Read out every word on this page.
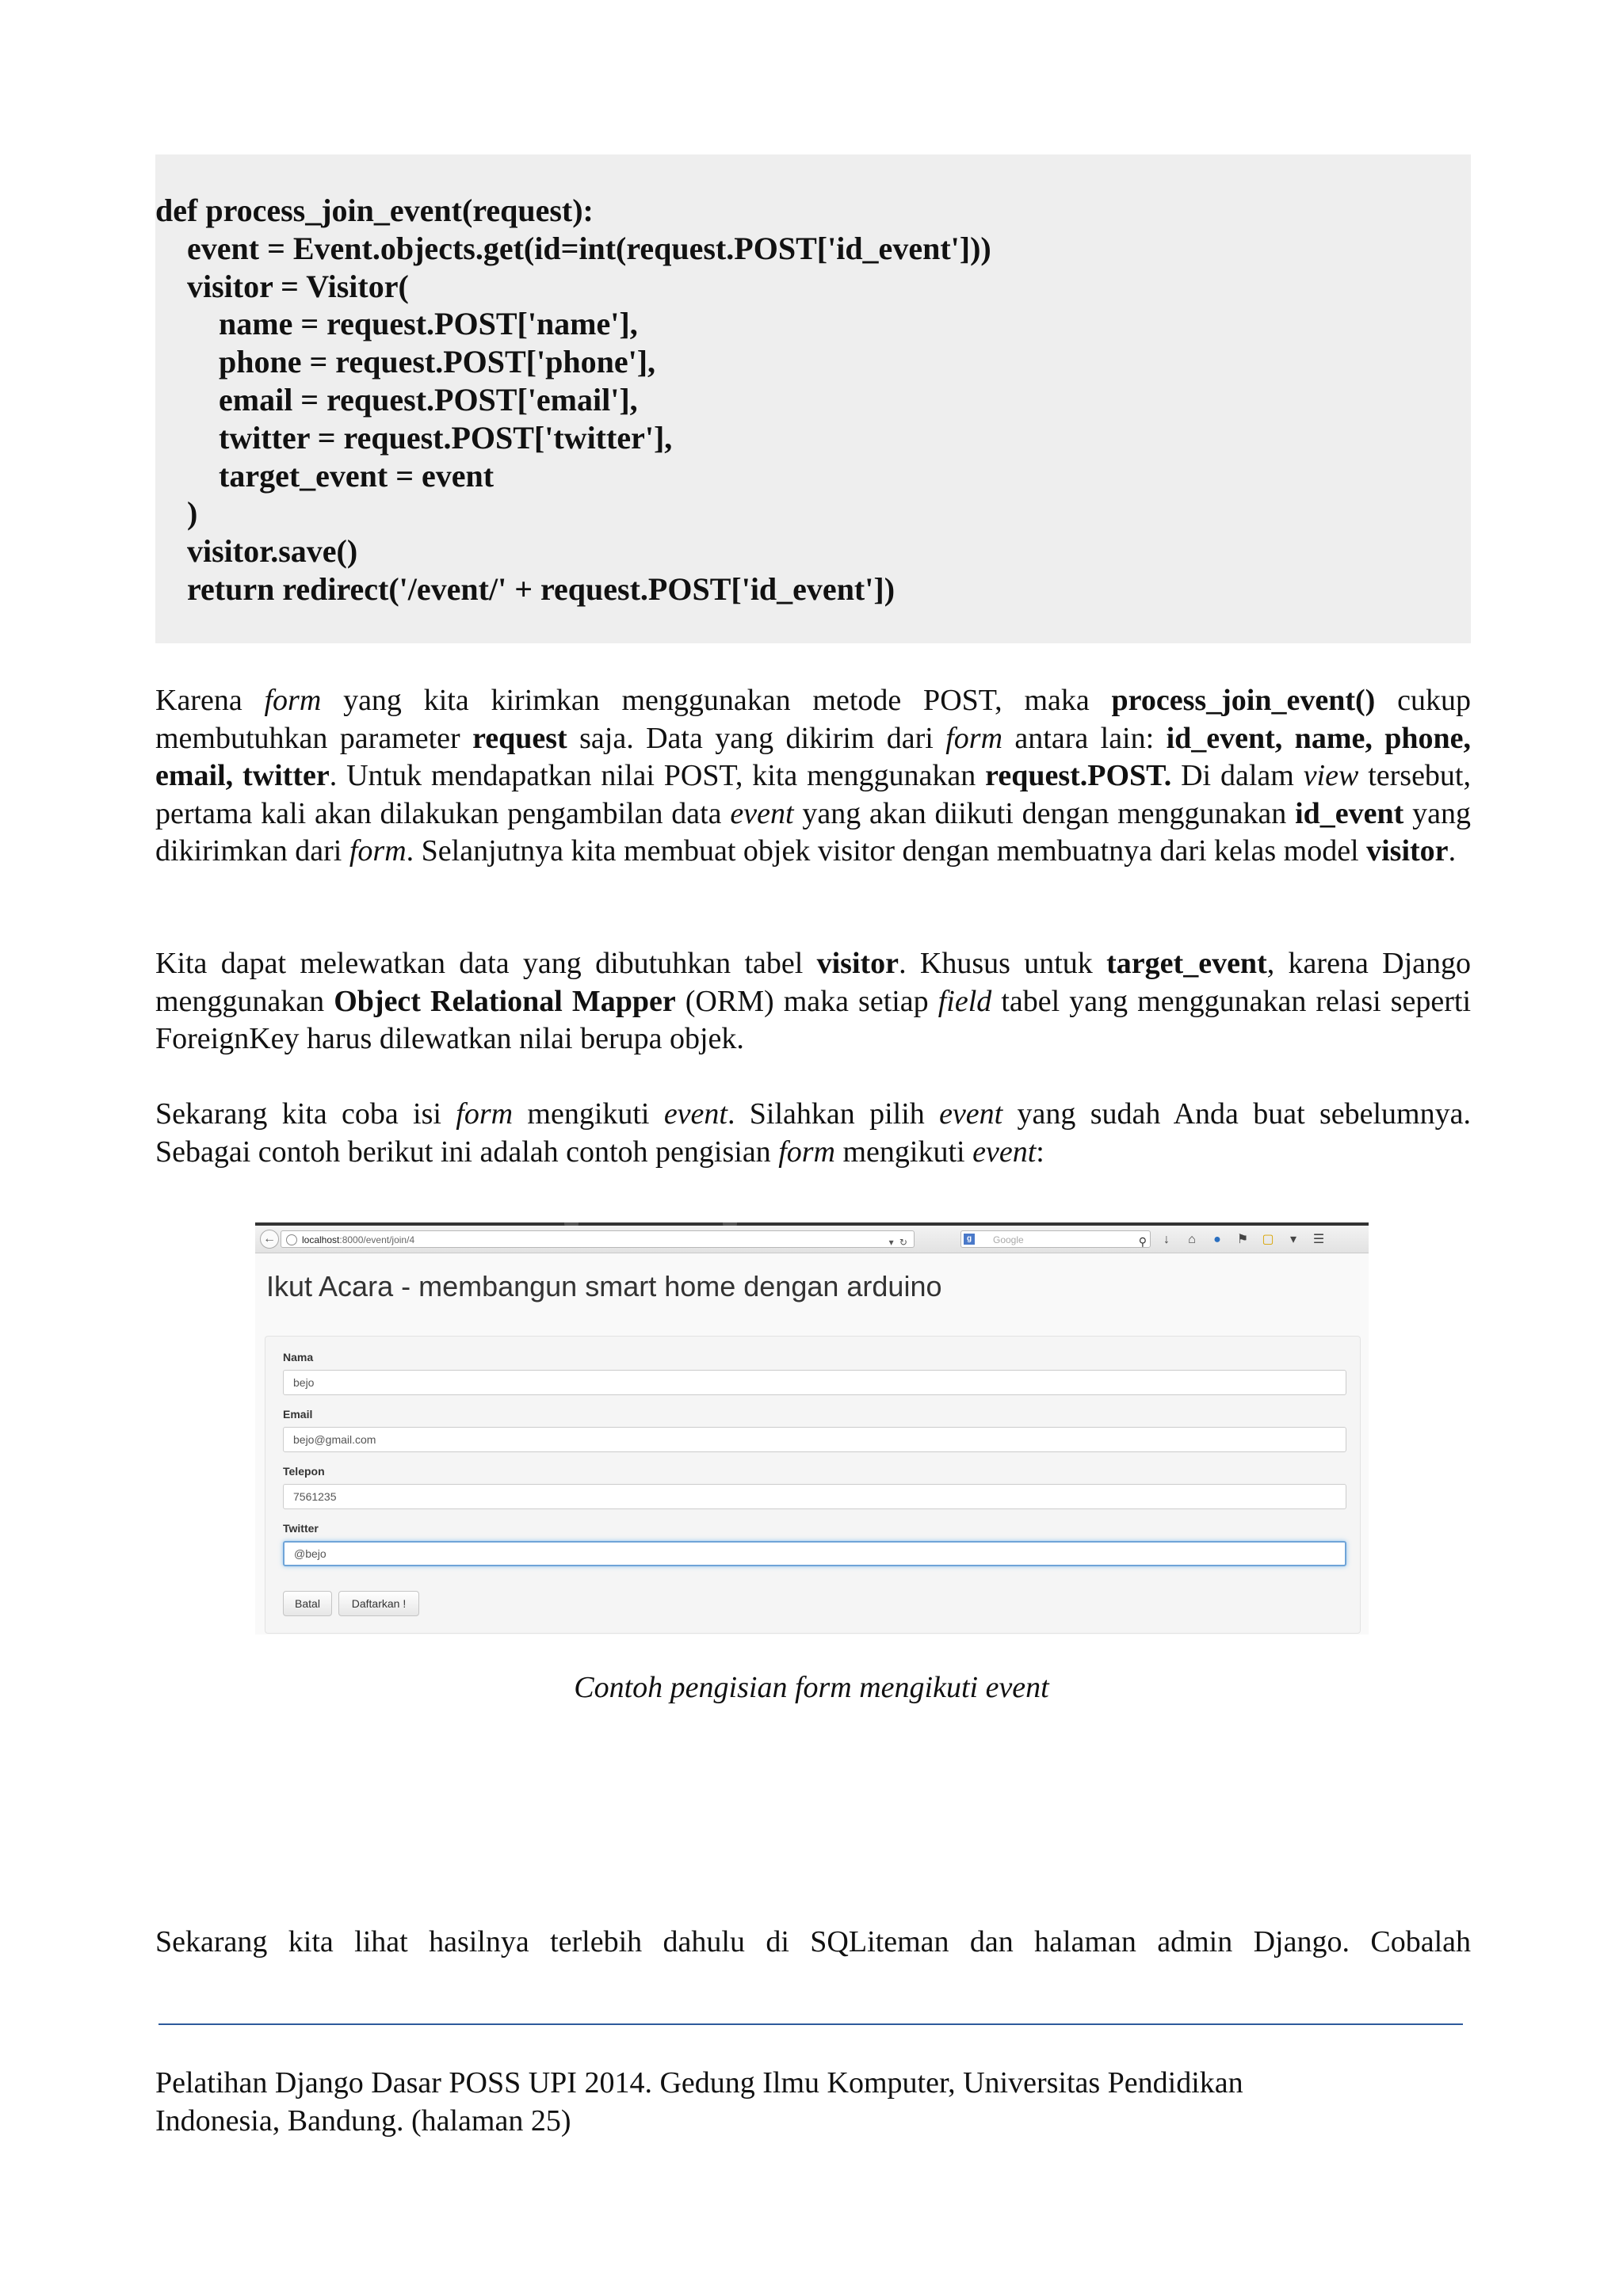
def process_join_event(request):
event = Event.objects.get(id=int(request.POST['id_event']))
visitor = Visitor(
name = request.POST['name'],
phone = request.POST['phone'],
email = request.POST['email'],
twitter = request.POST['twitter'],
target_event = event
)
visitor.save()
return redirect('/event/' + request.POST['id_event'])

Karena form yang kita kirimkan menggunakan metode POST, maka process_join_event() cukup membutuhkan parameter request saja. Data yang dikirim dari form antara lain: id_event, name, phone, email, twitter. Untuk mendapatkan nilai POST, kita menggunakan request.POST. Di dalam view tersebut, pertama kali akan dilakukan pengambilan data event yang akan diikuti dengan menggunakan id_event yang dikirimkan dari form. Selanjutnya kita membuat objek visitor dengan membuatnya dari kelas model visitor.

Kita dapat melewatkan data yang dibutuhkan tabel visitor. Khusus untuk target_event, karena Django menggunakan Object Relational Mapper (ORM) maka setiap field tabel yang menggunakan relasi seperti ForeignKey harus dilewatkan nilai berupa objek.

Sekarang kita coba isi form mengikuti event. Silahkan pilih event yang sudah Anda buat sebelumnya. Sebagai contoh berikut ini adalah contoh pengisian form mengikuti event:

←	localhost:8000/event/join/4	▾ ↻	g	Google	⚲	↓	⌂	●	⚑ ▢	▾	☰
Ikut Acara - membangun smart home dengan arduino
Nama
bejo
Email
bejo@gmail.com
Telepon
7561235
Twitter
@bejo
Batal	Daftarkan !
Contoh pengisian form mengikuti event

Sekarang kita lihat hasilnya terlebih dahulu di SQLiteman dan halaman admin Django. Cobalah

Pelatihan Django Dasar POSS UPI 2014. Gedung Ilmu Komputer, Universitas Pendidikan
Indonesia, Bandung. (halaman 25)
